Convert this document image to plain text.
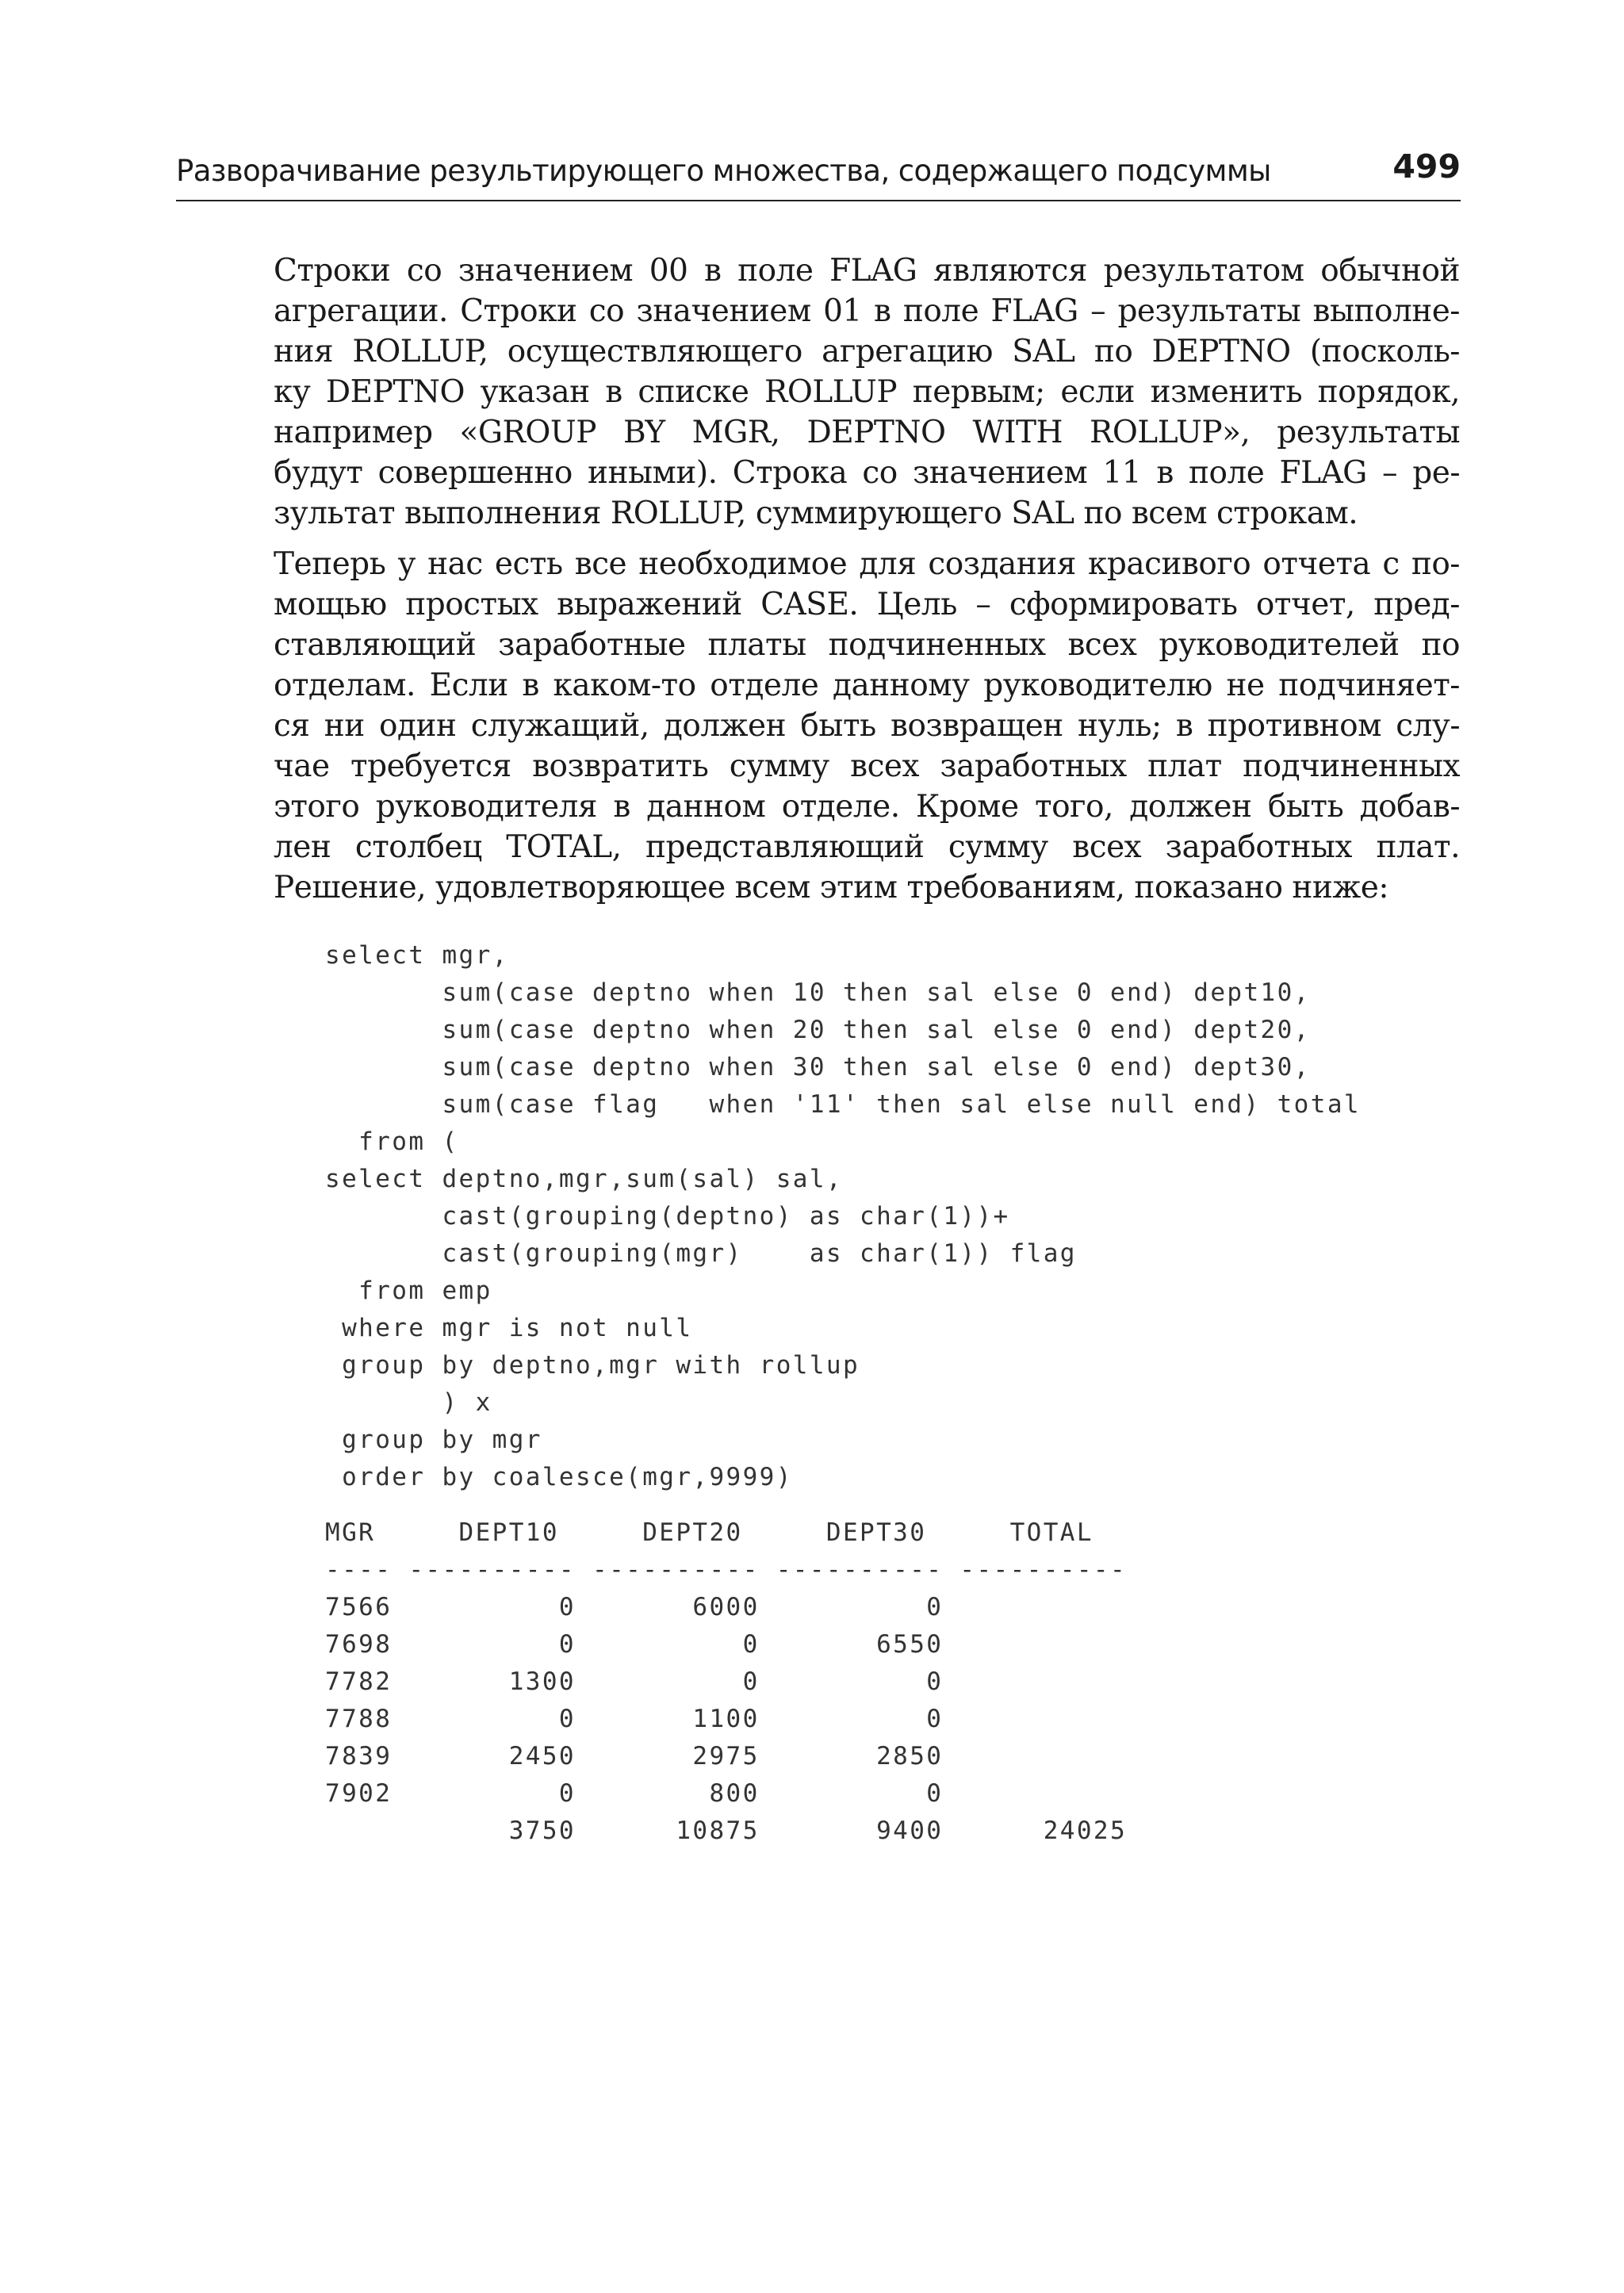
Разворачивание результирующего множества, содержащего подсуммы	499
Строки со значением 00 в поле FLAG являются результатом обычной
агрегации. Строки со значением 01 в поле FLAG – результаты выполне-
ния ROLLUP, осуществляющего агрегацию SAL по DEPTNO (посколь-
ку DEPTNO указан в списке ROLLUP первым; если изменить порядок,
например «GROUP BY MGR, DEPTNO WITH ROLLUP», результаты
будут совершенно иными). Строка со значением 11 в поле FLAG – ре-
зультат выполнения ROLLUP, суммирующего SAL по всем строкам.
Теперь у нас есть все необходимое для создания красивого отчета с по-
мощью простых выражений CASE. Цель – сформировать отчет, пред-
ставляющий заработные платы подчиненных всех руководителей по
отделам. Если в каком-то отделе данному руководителю не подчиняет-
ся ни один служащий, должен быть возвращен нуль; в противном слу-
чае требуется возвратить сумму всех заработных плат подчиненных
этого руководителя в данном отделе. Кроме того, должен быть добав-
лен столбец TOTAL, представляющий сумму всех заработных плат.
Решение, удовлетворяющее всем этим требованиям, показано ниже:
select mgr,
sum(case deptno when 10 then sal else 0 end) dept10,
sum(case deptno when 20 then sal else 0 end) dept20,
sum(case deptno when 30 then sal else 0 end) dept30,
sum(case flag   when '11' then sal else null end) total
from (
select deptno,mgr,sum(sal) sal,
cast(grouping(deptno) as char(1))+
cast(grouping(mgr)    as char(1)) flag
from emp
where mgr is not null
group by deptno,mgr with rollup
) x
group by mgr
order by coalesce(mgr,9999)
MGR     DEPT10     DEPT20     DEPT30     TOTAL
---- ---------- ---------- ---------- ----------
7566          0       6000          0
7698          0          0       6550
7782       1300          0          0
7788          0       1100          0
7839       2450       2975       2850
7902          0        800          0
3750      10875       9400      24025
